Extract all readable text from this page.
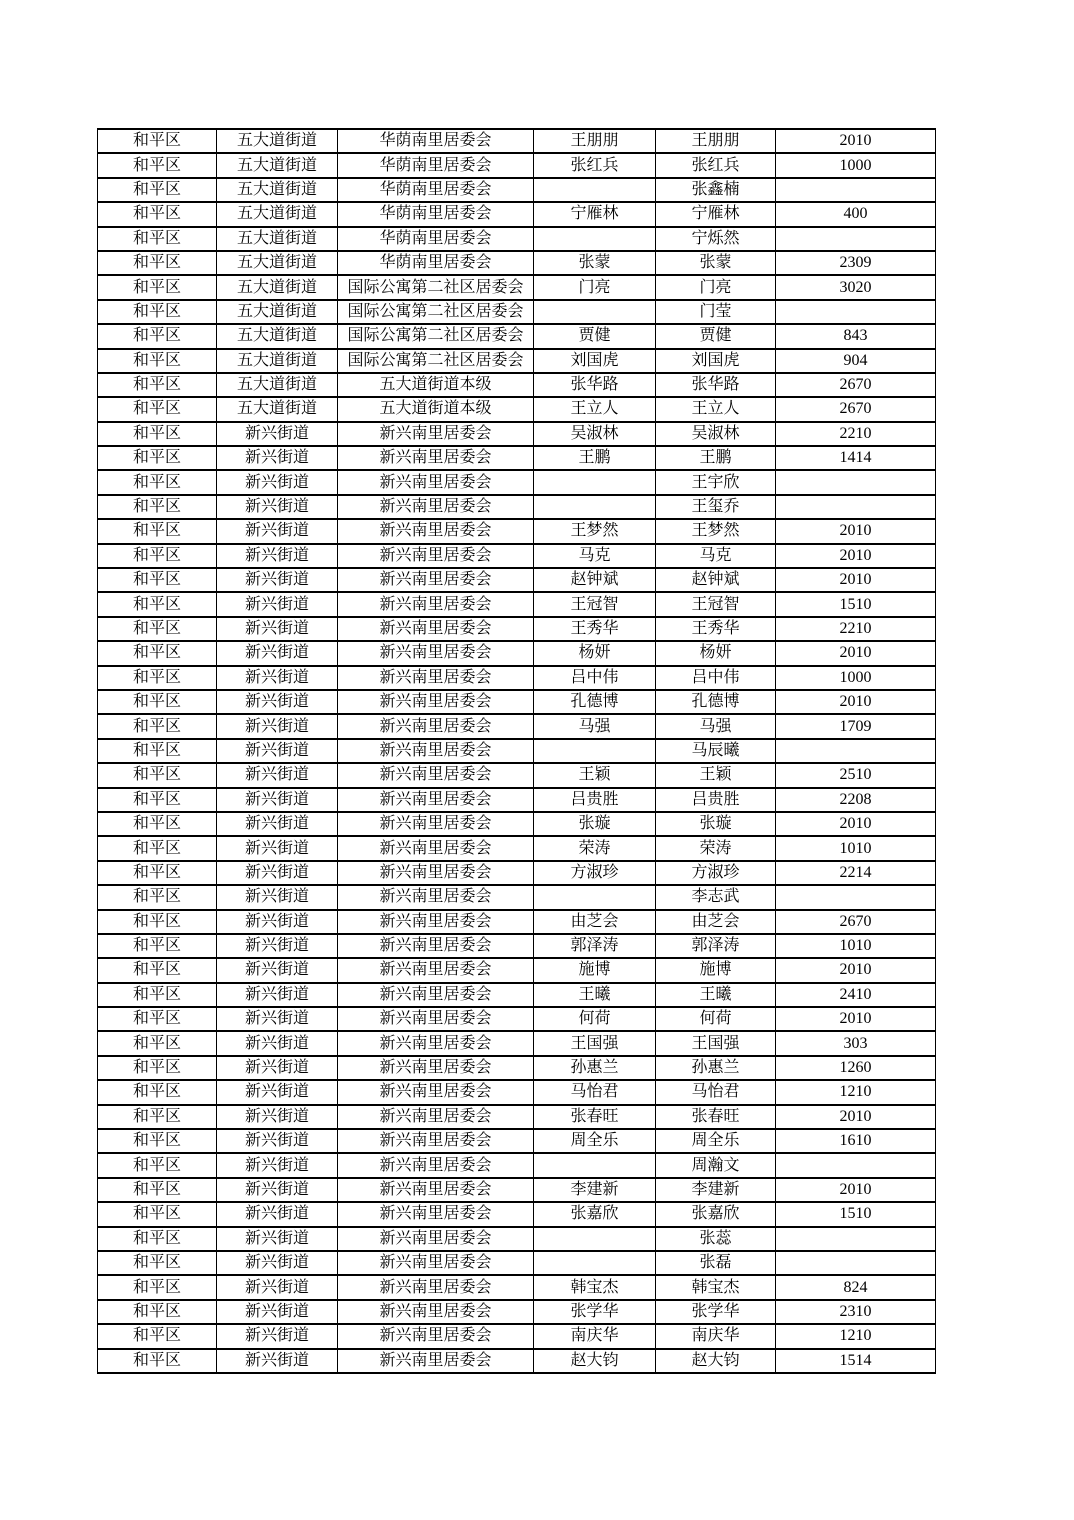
和平区	五大道街道	华荫南里居委会	王朋朋	王朋朋	2010
和平区	五大道街道	华荫南里居委会	张红兵	张红兵	1000
和平区	五大道街道	华荫南里居委会		张鑫楠	
和平区	五大道街道	华荫南里居委会	宁雁林	宁雁林	400
和平区	五大道街道	华荫南里居委会		宁烁然	
和平区	五大道街道	华荫南里居委会	张蒙	张蒙	2309
和平区	五大道街道	国际公寓第二社区居委会	门亮	门亮	3020
和平区	五大道街道	国际公寓第二社区居委会		门莹	
和平区	五大道街道	国际公寓第二社区居委会	贾健	贾健	843
和平区	五大道街道	国际公寓第二社区居委会	刘国虎	刘国虎	904
和平区	五大道街道	五大道街道本级	张华路	张华路	2670
和平区	五大道街道	五大道街道本级	王立人	王立人	2670
和平区	新兴街道	新兴南里居委会	吴淑林	吴淑林	2210
和平区	新兴街道	新兴南里居委会	王鹏	王鹏	1414
和平区	新兴街道	新兴南里居委会		王宇欣	
和平区	新兴街道	新兴南里居委会		王玺乔	
和平区	新兴街道	新兴南里居委会	王梦然	王梦然	2010
和平区	新兴街道	新兴南里居委会	马克	马克	2010
和平区	新兴街道	新兴南里居委会	赵钟斌	赵钟斌	2010
和平区	新兴街道	新兴南里居委会	王冠智	王冠智	1510
和平区	新兴街道	新兴南里居委会	王秀华	王秀华	2210
和平区	新兴街道	新兴南里居委会	杨妍	杨妍	2010
和平区	新兴街道	新兴南里居委会	吕中伟	吕中伟	1000
和平区	新兴街道	新兴南里居委会	孔德博	孔德博	2010
和平区	新兴街道	新兴南里居委会	马强	马强	1709
和平区	新兴街道	新兴南里居委会		马辰曦	
和平区	新兴街道	新兴南里居委会	王颖	王颖	2510
和平区	新兴街道	新兴南里居委会	吕贵胜	吕贵胜	2208
和平区	新兴街道	新兴南里居委会	张璇	张璇	2010
和平区	新兴街道	新兴南里居委会	荣涛	荣涛	1010
和平区	新兴街道	新兴南里居委会	方淑珍	方淑珍	2214
和平区	新兴街道	新兴南里居委会		李志武	
和平区	新兴街道	新兴南里居委会	由芝会	由芝会	2670
和平区	新兴街道	新兴南里居委会	郭泽涛	郭泽涛	1010
和平区	新兴街道	新兴南里居委会	施博	施博	2010
和平区	新兴街道	新兴南里居委会	王曦	王曦	2410
和平区	新兴街道	新兴南里居委会	何荷	何荷	2010
和平区	新兴街道	新兴南里居委会	王国强	王国强	303
和平区	新兴街道	新兴南里居委会	孙惠兰	孙惠兰	1260
和平区	新兴街道	新兴南里居委会	马怡君	马怡君	1210
和平区	新兴街道	新兴南里居委会	张春旺	张春旺	2010
和平区	新兴街道	新兴南里居委会	周全乐	周全乐	1610
和平区	新兴街道	新兴南里居委会		周瀚文	
和平区	新兴街道	新兴南里居委会	李建新	李建新	2010
和平区	新兴街道	新兴南里居委会	张嘉欣	张嘉欣	1510
和平区	新兴街道	新兴南里居委会		张蕊	
和平区	新兴街道	新兴南里居委会		张磊	
和平区	新兴街道	新兴南里居委会	韩宝杰	韩宝杰	824
和平区	新兴街道	新兴南里居委会	张学华	张学华	2310
和平区	新兴街道	新兴南里居委会	南庆华	南庆华	1210
和平区	新兴街道	新兴南里居委会	赵大钧	赵大钧	1514
